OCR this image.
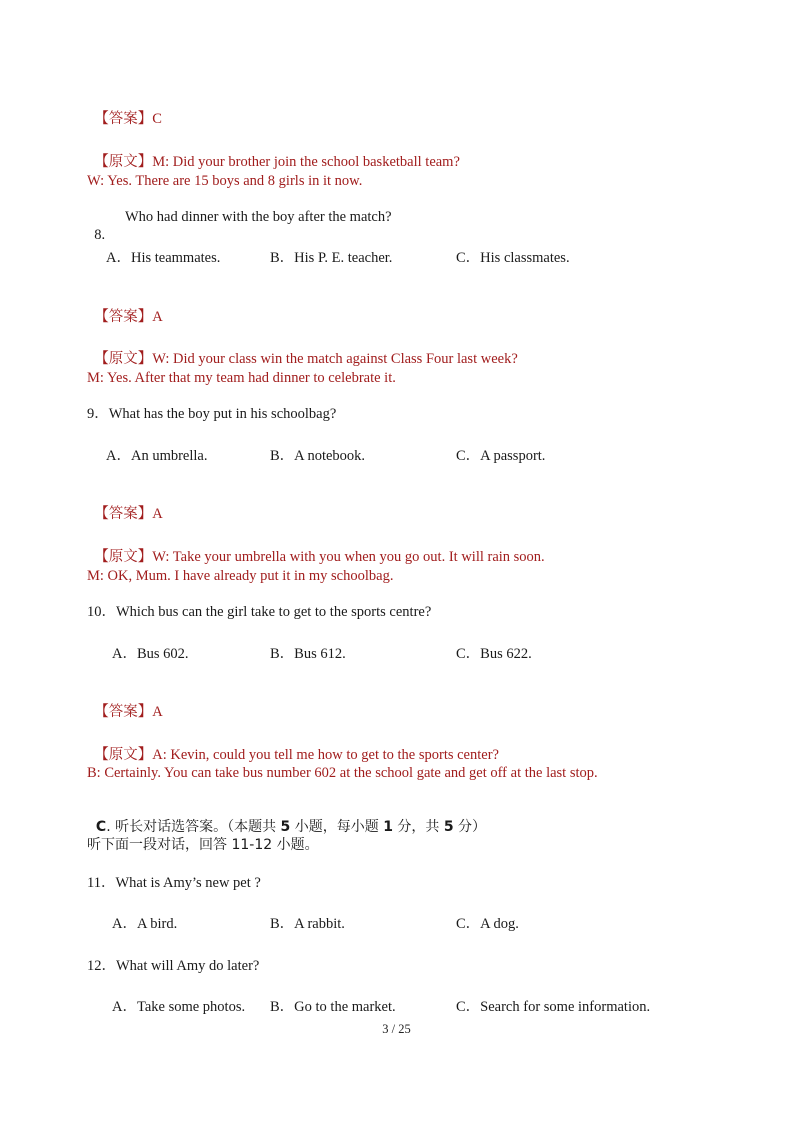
【答案】C

【原文】M: Did your brother join the school basketball team?

W: Yes. There are 15 boys and 8 girls in it now.

8.

Who had dinner with the boy after the match?

A．His teammates.	B．His P. E. teacher.	C．His classmates.

【答案】A

【原文】W: Did your class win the match against Class Four last week?

M: Yes. After that my team had dinner to celebrate it.
9．What has the boy put in his schoolbag?
A．An umbrella.	B．A notebook.	C．A passport.

【答案】A

【原文】W: Take your umbrella with you when you go out. It will rain soon.

M: OK, Mum. I have already put it in my schoolbag.
10．Which bus can the girl take to get to the sports centre?
A．Bus 602.	B．Bus 612.	C．Bus 622.

【答案】A

【原文】A: Kevin, could you tell me how to get to the sports center?

B: Certainly. You can take bus number 602 at the school gate and get off at the last stop.

C. 听长对话选答案。（本题共 5 小题，每小题 1 分，共 5 分）

听下面一段对话，回答 11-12 小题。
11．What is Amy’s new pet ?
A．A bird.	B．A rabbit.	C．A dog.
12．What will Amy do later?
A．Take some photos. B．Go to the market.	C．Search for some information.
3 / 25
